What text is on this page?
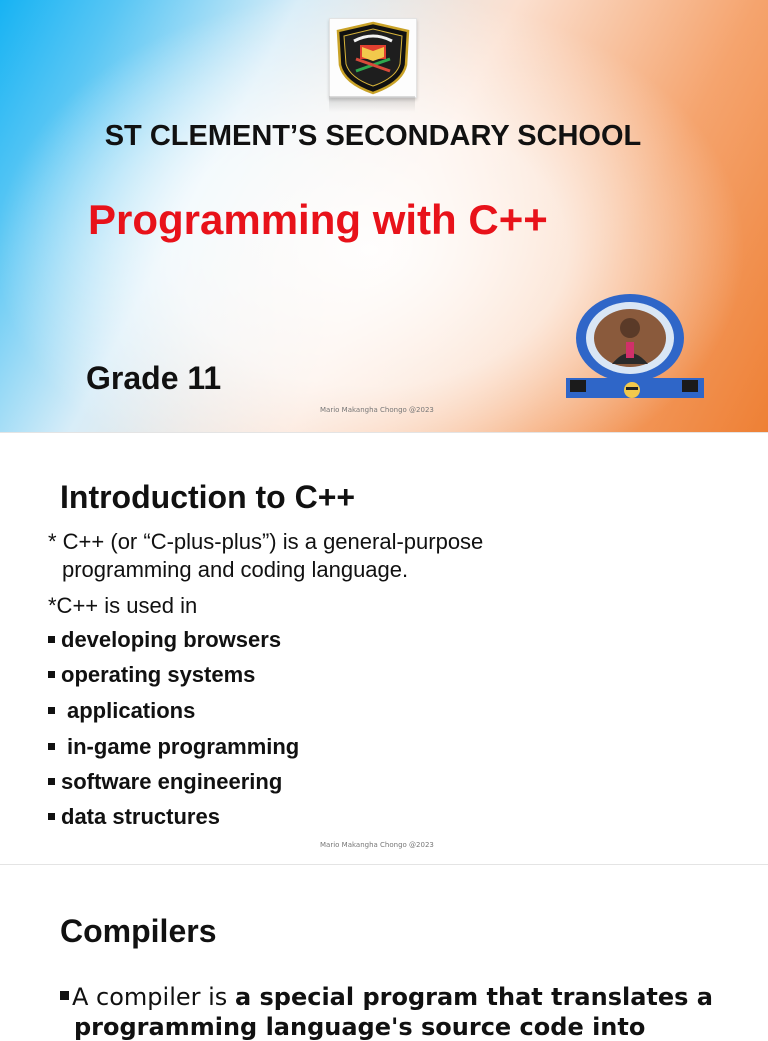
ST CLEMENT’S SECONDARY SCHOOL
Programming with C++
Grade 11
Mario Makangha Chongo @2023
Introduction to C++
* C++ (or “C-plus-plus”) is a general-purpose
programming and coding language.
*C++ is used in
developing browsers
operating systems
applications
in-game programming
software engineering
data structures
Mario Makangha Chongo @2023
Compilers
A compiler is a special program that translates a
programming language's source code into
